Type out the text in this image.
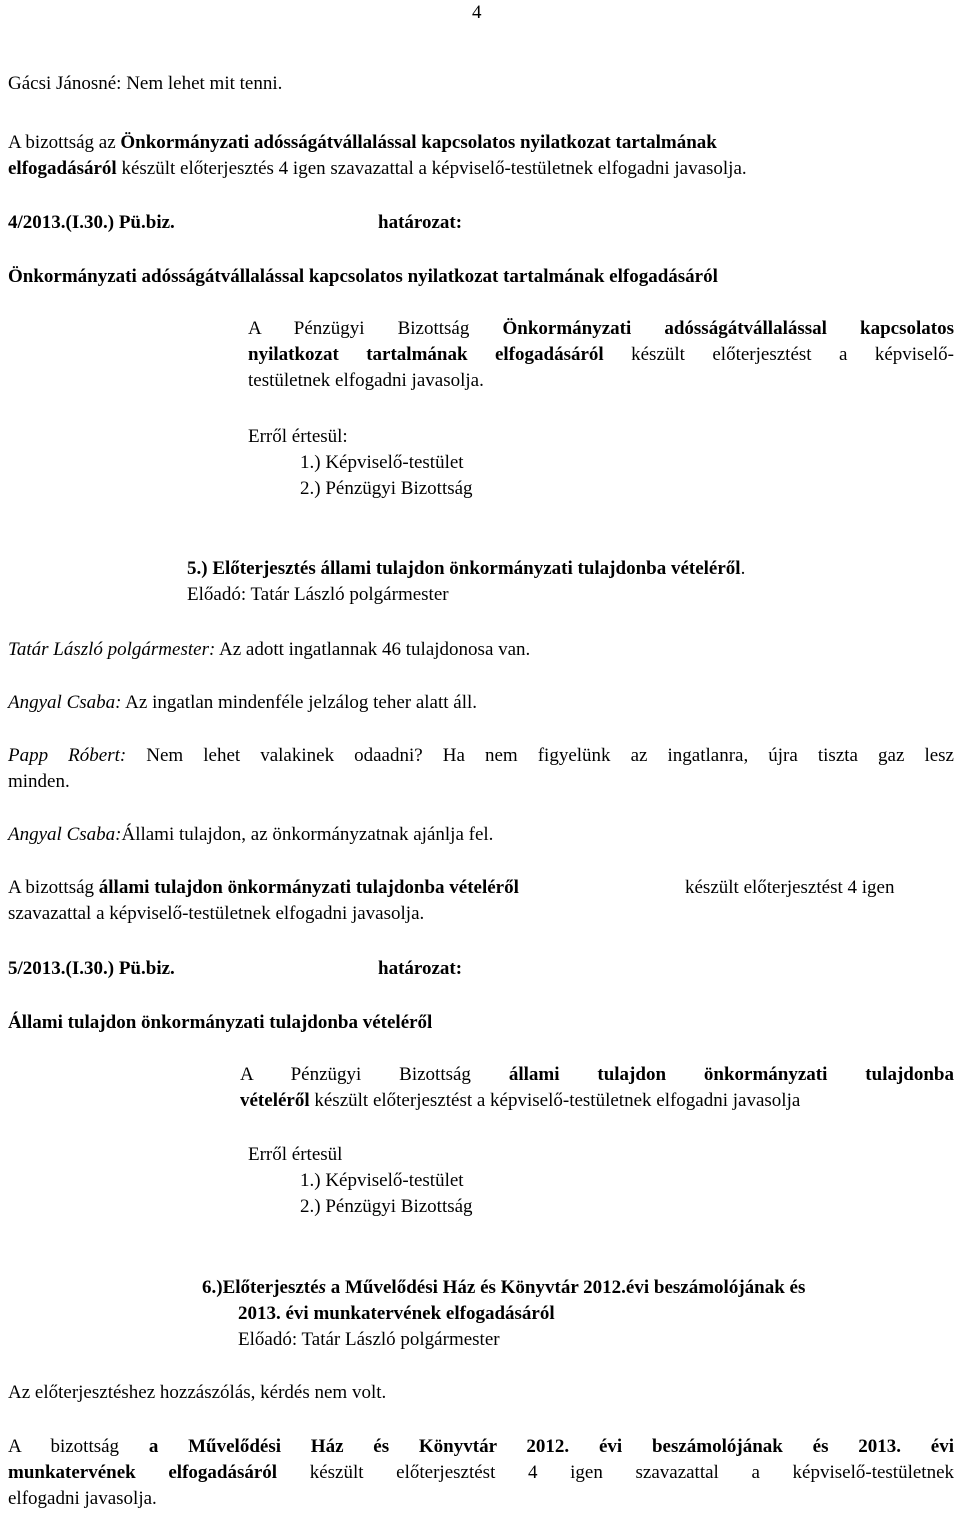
4
Gácsi Jánosné: Nem lehet mit tenni.
A bizottság az Önkormányzati adósságátvállalással kapcsolatos nyilatkozat tartalmának
elfogadásáról készült előterjesztés 4 igen szavazattal a képviselő-testületnek elfogadni javasolja.
4/2013.(I.30.) Pü.biz.	határozat:
Önkormányzati adósságátvállalással kapcsolatos nyilatkozat tartalmának elfogadásáról
A Pénzügyi Bizottság Önkormányzati adósságátvállalással kapcsolatos
nyilatkozat tartalmának elfogadásáról készült előterjesztést a képviselő-
testületnek elfogadni javasolja.
Erről értesül:
1.) Képviselő-testület
2.) Pénzügyi Bizottság
5.) Előterjesztés állami tulajdon önkormányzati tulajdonba vételéről.
Előadó: Tatár László polgármester
Tatár László polgármester: Az adott ingatlannak 46 tulajdonosa van.
Angyal Csaba: Az ingatlan mindenféle jelzálog teher alatt áll.
Papp Róbert: Nem lehet valakinek odaadni? Ha nem figyelünk az ingatlanra, újra tiszta gaz lesz
minden.
Angyal Csaba:Állami tulajdon, az önkormányzatnak ajánlja fel.
A bizottság állami tulajdon önkormányzati tulajdonba vételéről	készült előterjesztést 4 igen
szavazattal a képviselő-testületnek elfogadni javasolja.
5/2013.(I.30.) Pü.biz.	határozat:
Állami tulajdon önkormányzati tulajdonba vételéről
A Pénzügyi Bizottság állami tulajdon önkormányzati tulajdonba
vételéről készült előterjesztést a képviselő-testületnek elfogadni javasolja
Erről értesül
1.) Képviselő-testület
2.) Pénzügyi Bizottság
6.)Előterjesztés a Művelődési Ház és Könyvtár 2012.évi beszámolójának és
2013. évi munkatervének elfogadásáról
Előadó: Tatár László polgármester
Az előterjesztéshez hozzászólás, kérdés nem volt.
A bizottság a Művelődési Ház és Könyvtár 2012. évi beszámolójának és 2013. évi
munkatervének elfogadásáról készült előterjesztést 4 igen szavazattal a képviselő-testületnek
elfogadni javasolja.
